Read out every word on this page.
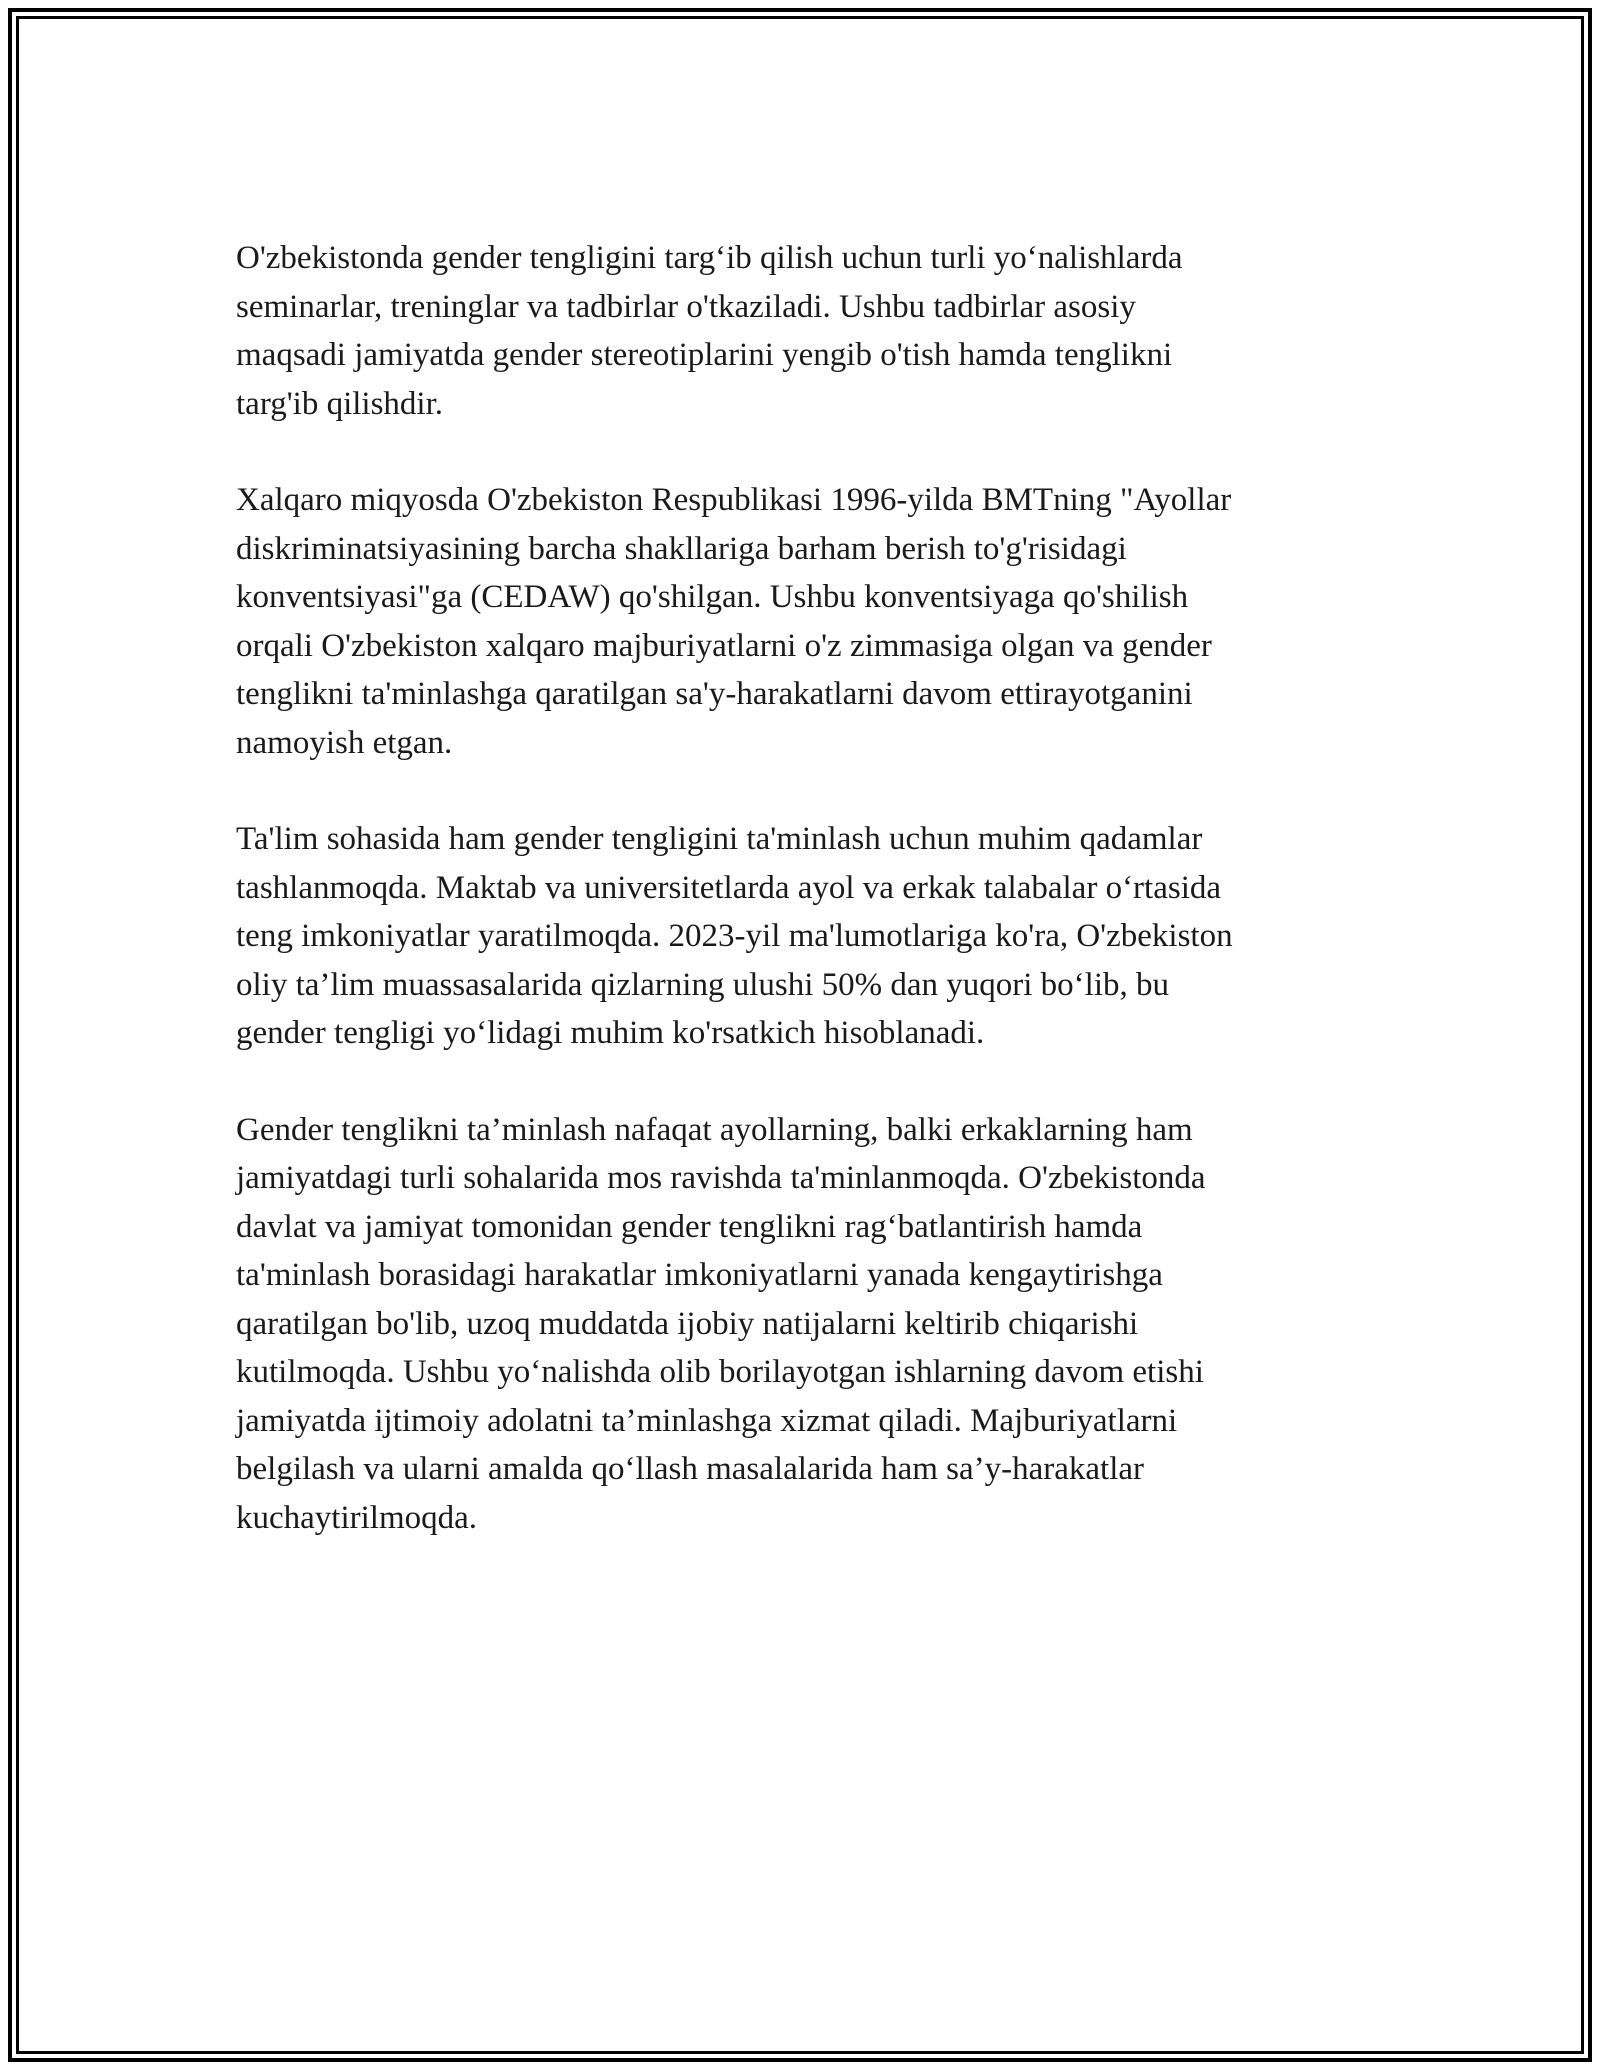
O'zbekistonda gender tengligini targ‘ib qilish uchun turli yo‘nalishlarda
seminarlar, treninglar va tadbirlar o'tkaziladi. Ushbu tadbirlar asosiy
maqsadi jamiyatda gender stereotiplarini yengib o'tish hamda tenglikni
targ'ib qilishdir.

Xalqaro miqyosda O'zbekiston Respublikasi 1996-yilda BMTning "Ayollar
diskriminatsiyasining barcha shakllariga barham berish to'g'risidagi
konventsiyasi"ga (CEDAW) qo'shilgan. Ushbu konventsiyaga qo'shilish
orqali O'zbekiston xalqaro majburiyatlarni o'z zimmasiga olgan va gender
tenglikni ta'minlashga qaratilgan sa'y-harakatlarni davom ettirayotganini
namoyish etgan.

Ta'lim sohasida ham gender tengligini ta'minlash uchun muhim qadamlar
tashlanmoqda. Maktab va universitetlarda ayol va erkak talabalar o‘rtasida
teng imkoniyatlar yaratilmoqda. 2023-yil ma'lumotlariga ko'ra, O'zbekiston
oliy ta’lim muassasalarida qizlarning ulushi 50% dan yuqori bo‘lib, bu
gender tengligi yo‘lidagi muhim ko'rsatkich hisoblanadi.

Gender tenglikni ta’minlash nafaqat ayollarning, balki erkaklarning ham
jamiyatdagi turli sohalarida mos ravishda ta'minlanmoqda. O'zbekistonda
davlat va jamiyat tomonidan gender tenglikni rag‘batlantirish hamda
ta'minlash borasidagi harakatlar imkoniyatlarni yanada kengaytirishga
qaratilgan bo'lib, uzoq muddatda ijobiy natijalarni keltirib chiqarishi
kutilmoqda. Ushbu yo‘nalishda olib borilayotgan ishlarning davom etishi
jamiyatda ijtimoiy adolatni ta’minlashga xizmat qiladi. Majburiyatlarni
belgilash va ularni amalda qo‘llash masalalarida ham sa’y-harakatlar
kuchaytirilmoqda.
